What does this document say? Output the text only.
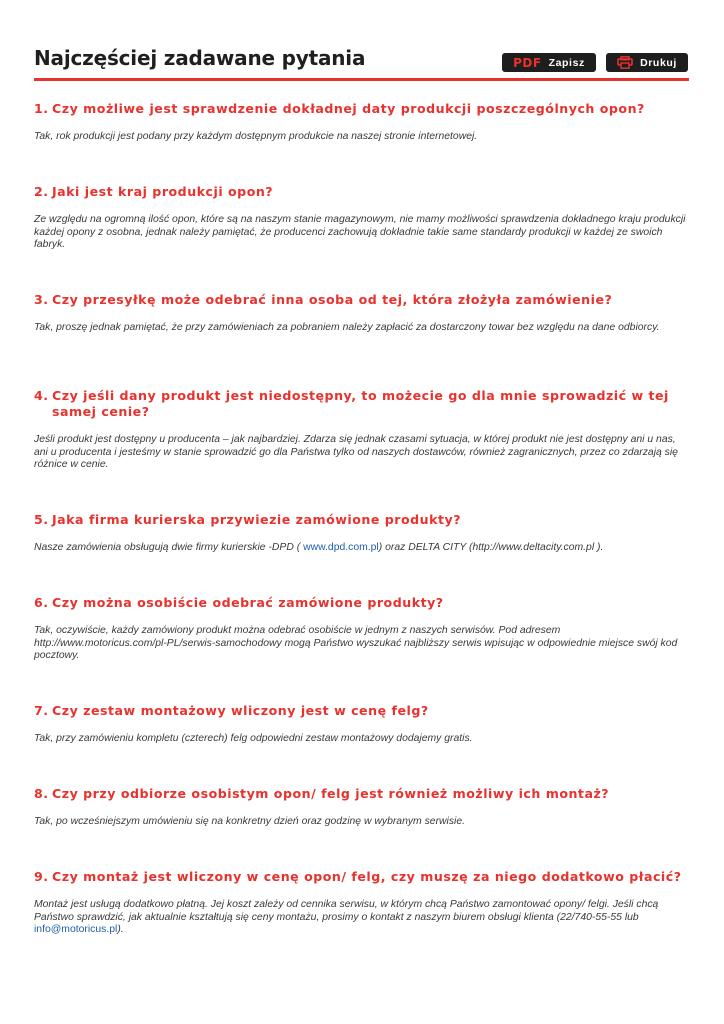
Najczęściej zadawane pytania	PDF Zapisz	Drukuj
1. Czy możliwe jest sprawdzenie dokładnej daty produkcji poszczególnych opon?
Tak, rok produkcji jest podany przy każdym dostępnym produkcie na naszej stronie internetowej.
2. Jaki jest kraj produkcji opon?
Ze względu na ogromną ilość opon, które są na naszym stanie magazynowym, nie mamy możliwości sprawdzenia dokładnego kraju produkcji każdej opony z osobna, jednak należy pamiętać, że producenci zachowują dokładnie takie same standardy produkcji w każdej ze swoich fabryk.
3. Czy przesyłkę może odebrać inna osoba od tej, która złożyła zamówienie?
Tak, proszę jednak pamiętać, że przy zamówieniach za pobraniem należy zapłacić za dostarczony towar bez względu na dane odbiorcy.
4. Czy jeśli dany produkt jest niedostępny, to możecie go dla mnie sprowadzić w tej samej cenie?
Jeśli produkt jest dostępny u producenta – jak najbardziej. Zdarza się jednak czasami sytuacja, w której produkt nie jest dostępny ani u nas, ani u producenta i jesteśmy w stanie sprowadzić go dla Państwa tylko od naszych dostawców, również zagranicznych, przez co zdarzają się różnice w cenie.
5. Jaka firma kurierska przywiezie zamówione produkty?
Nasze zamówienia obsługują dwie firmy kurierskie -DPD ( www.dpd.com.pl) oraz DELTA CITY (http://www.deltacity.com.pl ).
6. Czy można osobiście odebrać zamówione produkty?
Tak, oczywiście, każdy zamówiony produkt można odebrać osobiście w jednym z naszych serwisów. Pod adresem http://www.motoricus.com/pl-PL/serwis-samochodowy mogą Państwo wyszukać najbliższy serwis wpisując w odpowiednie miejsce swój kod pocztowy.
7. Czy zestaw montażowy wliczony jest w cenę felg?
Tak, przy zamówieniu kompletu (czterech) felg odpowiedni zestaw montażowy dodajemy gratis.
8. Czy przy odbiorze osobistym opon/ felg jest również możliwy ich montaż?
Tak, po wcześniejszym umówieniu się na konkretny dzień oraz godzinę w wybranym serwisie.
9. Czy montaż jest wliczony w cenę opon/ felg, czy muszę za niego dodatkowo płacić?
Montaż jest usługą dodatkowo płatną. Jej koszt zależy od cennika serwisu, w którym chcą Państwo zamontować opony/ felgi. Jeśli chcą Państwo sprawdzić, jak aktualnie kształtują się ceny montażu, prosimy o kontakt z naszym biurem obsługi klienta (22/740-55-55 lub info@motoricus.pl).
